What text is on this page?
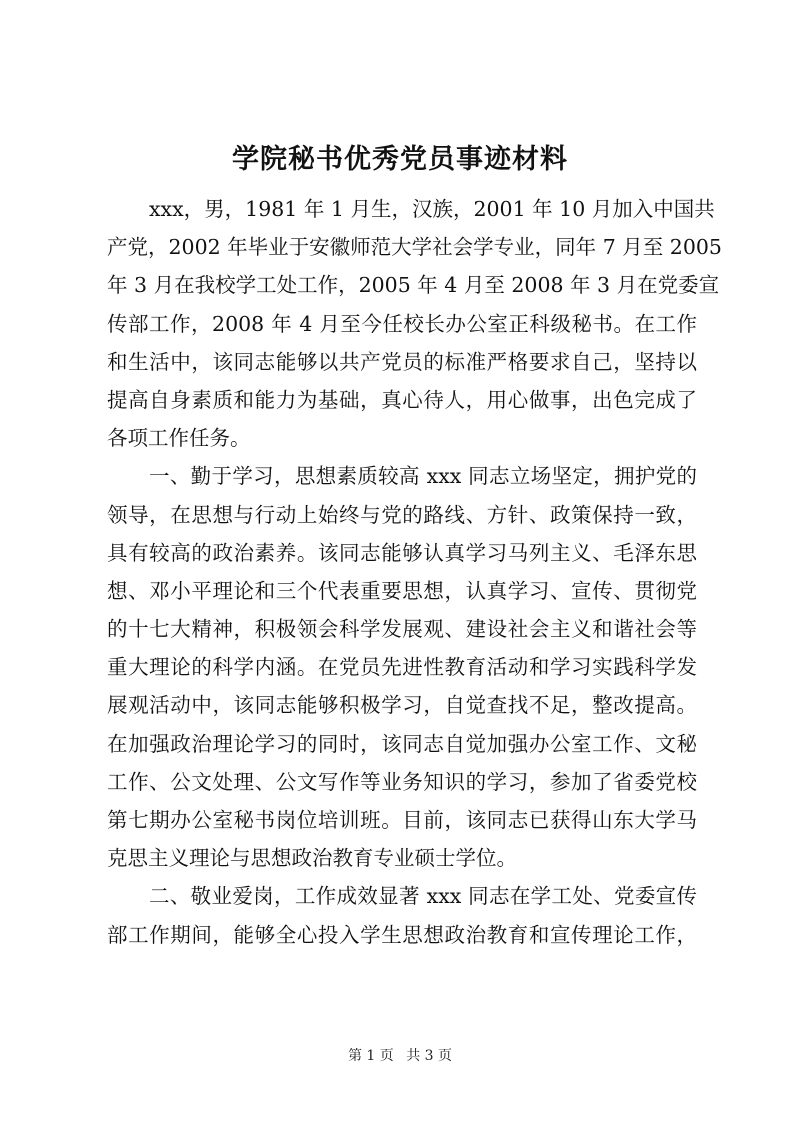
学院秘书优秀党员事迹材料
xxx，男，1981 年 1 月生，汉族，2001 年 10 月加入中国共
产党，2002 年毕业于安徽师范大学社会学专业，同年 7 月至 2005
年 3 月在我校学工处工作，2005 年 4 月至 2008 年 3 月在党委宣
传部工作，2008 年 4 月至今任校长办公室正科级秘书。在工作
和生活中，该同志能够以共产党员的标准严格要求自己，坚持以
提高自身素质和能力为基础，真心待人，用心做事，出色完成了
各项工作任务。
一、勤于学习，思想素质较高 xxx 同志立场坚定，拥护党的
领导，在思想与行动上始终与党的路线、方针、政策保持一致，
具有较高的政治素养。该同志能够认真学习马列主义、毛泽东思
想、邓小平理论和三个代表重要思想，认真学习、宣传、贯彻党
的十七大精神，积极领会科学发展观、建设社会主义和谐社会等
重大理论的科学内涵。在党员先进性教育活动和学习实践科学发
展观活动中，该同志能够积极学习，自觉查找不足，整改提高。
在加强政治理论学习的同时，该同志自觉加强办公室工作、文秘
工作、公文处理、公文写作等业务知识的学习，参加了省委党校
第七期办公室秘书岗位培训班。目前，该同志已获得山东大学马
克思主义理论与思想政治教育专业硕士学位。
二、敬业爱岗，工作成效显著 xxx 同志在学工处、党委宣传
部工作期间，能够全心投入学生思想政治教育和宣传理论工作，
第 1 页 共 3 页
